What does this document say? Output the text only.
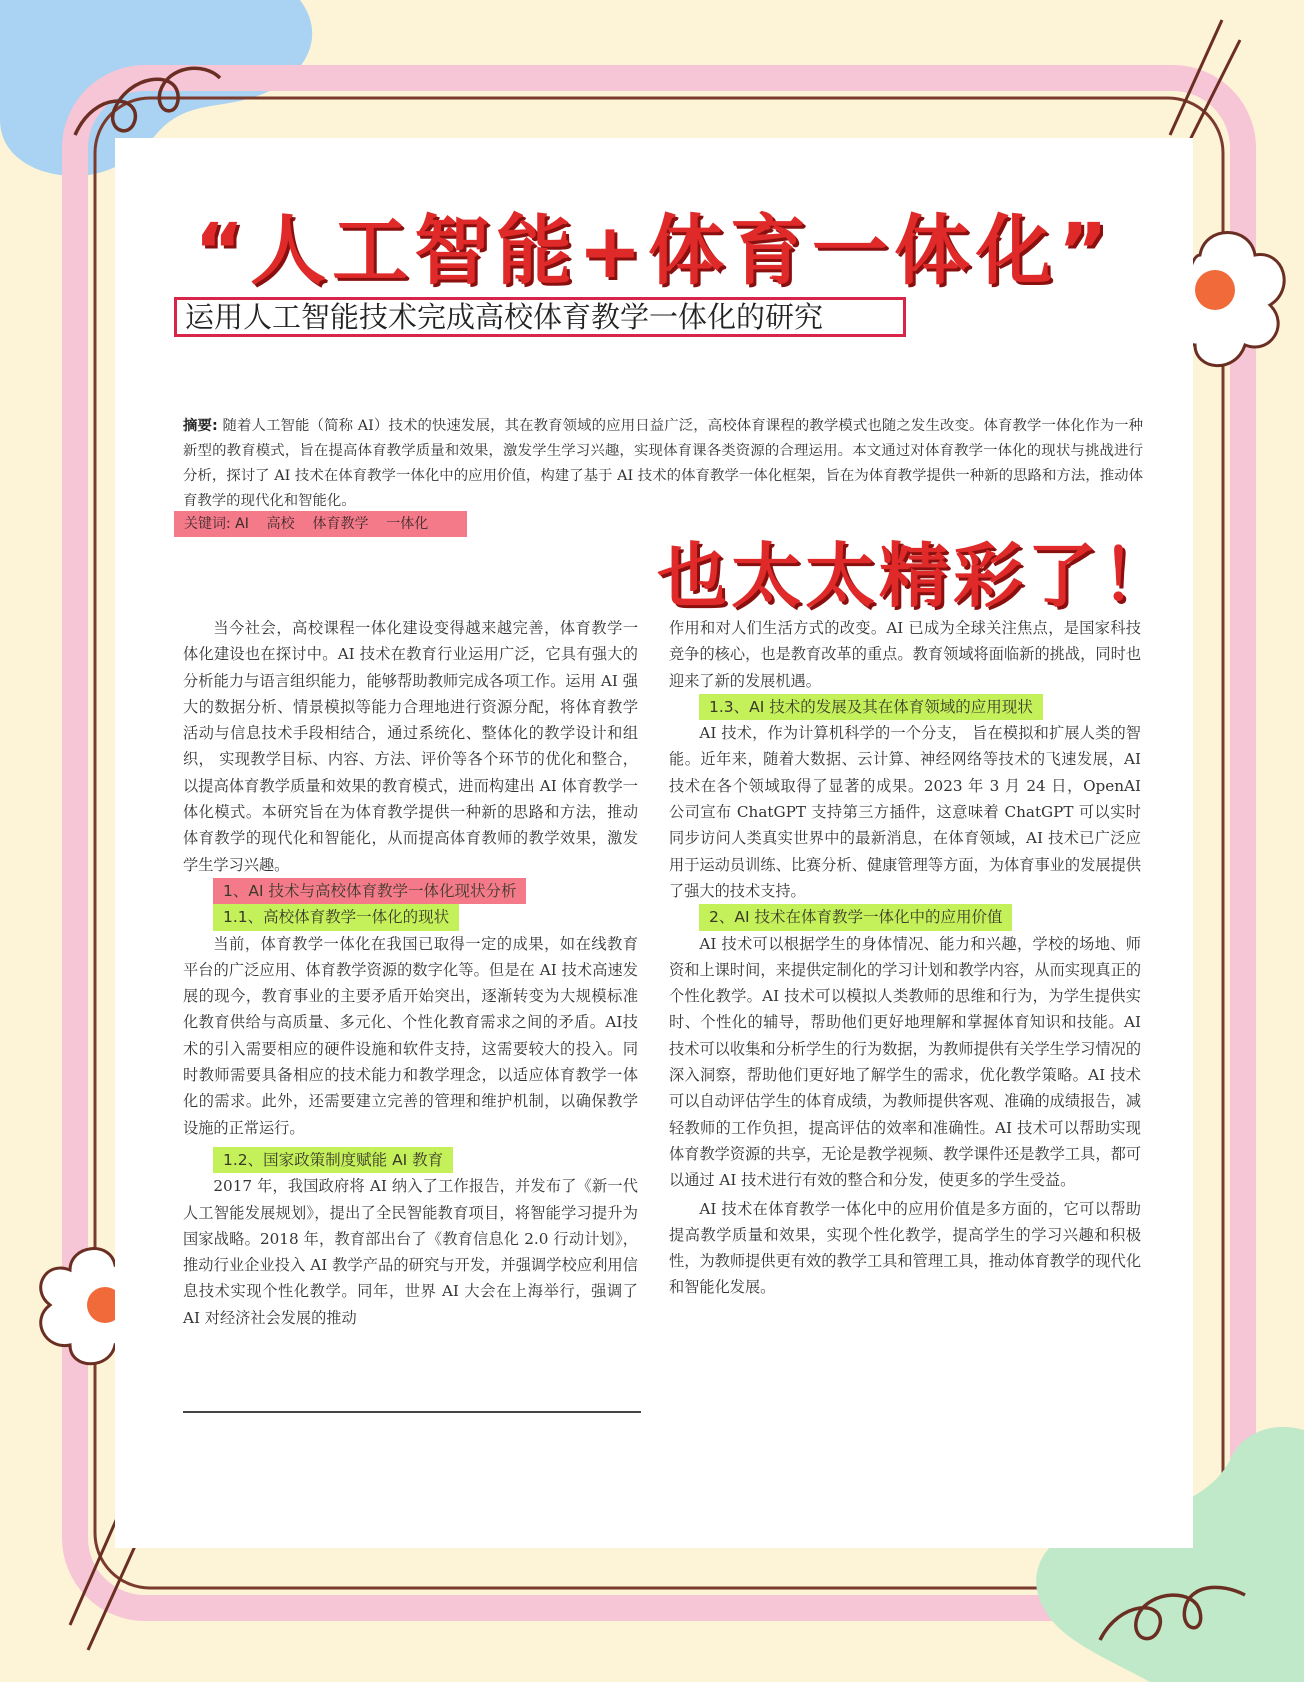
“人工智能+体育一体化”
运用人工智能技术完成高校体育教学一体化的研究
摘要: 随着人工智能（简称 AI）技术的快速发展，其在教育领域的应用日益广泛，高校体育课程的教学模式也随之发生改变。体育教学一体化作为一种新型的教育模式，旨在提高体育教学质量和效果，激发学生学习兴趣，实现体育课各类资源的合理运用。本文通过对体育教学一体化的现状与挑战进行分析，探讨了 AI 技术在体育教学一体化中的应用价值，构建了基于 AI 技术的体育教学一体化框架，旨在为体育教学提供一种新的思路和方法，推动体育教学的现代化和智能化。
关键词: AI    高校    体育教学    一体化
也太太精彩了！

当今社会，高校课程一体化建设变得越来越完善，体育教学一体化建设也在探讨中。AI 技术在教育行业运用广泛，它具有强大的分析能力与语言组织能力，能够帮助教师完成各项工作。运用 AI 强大的数据分析、情景模拟等能力合理地进行资源分配，将体育教学活动与信息技术手段相结合，通过系统化、整体化的教学设计和组织， 实现教学目标、内容、方法、评价等各个环节的优化和整合，以提高体育教学质量和效果的教育模式，进而构建出 AI 体育教学一体化模式。本研究旨在为体育教学提供一种新的思路和方法，推动体育教学的现代化和智能化，从而提高体育教师的教学效果，激发学生学习兴趣。

1、AI 技术与高校体育教学一体化现状分析
1.1、高校体育教学一体化的现状

当前，体育教学一体化在我国已取得一定的成果，如在线教育平台的广泛应用、体育教学资源的数字化等。但是在 AI 技术高速发展的现今，教育事业的主要矛盾开始突出，逐渐转变为大规模标准化教育供给与高质量、多元化、个性化教育需求之间的矛盾。AI技术的引入需要相应的硬件设施和软件支持，这需要较大的投入。同时教师需要具备相应的技术能力和教学理念，以适应体育教学一体化的需求。此外，还需要建立完善的管理和维护机制，以确保教学设施的正常运行。

1.2、国家政策制度赋能 AI 教育

2017 年，我国政府将 AI 纳入了工作报告，并发布了《新一代人工智能发展规划》，提出了全民智能教育项目，将智能学习提升为国家战略。2018 年，教育部出台了《教育信息化 2.0 行动计划》，推动行业企业投入 AI 教学产品的研究与开发，并强调学校应利用信息技术实现个性化教学。同年，世界 AI 大会在上海举行，强调了 AI 对经济社会发展的推动

作用和对人们生活方式的改变。AI 已成为全球关注焦点，是国家科技竞争的核心，也是教育改革的重点。教育领域将面临新的挑战，同时也迎来了新的发展机遇。

1.3、AI 技术的发展及其在体育领域的应用现状

AI 技术，作为计算机科学的一个分支， 旨在模拟和扩展人类的智能。近年来，随着大数据、云计算、神经网络等技术的飞速发展，AI 技术在各个领域取得了显著的成果。2023 年 3 月 24 日，OpenAI 公司宣布 ChatGPT 支持第三方插件，这意味着 ChatGPT 可以实时同步访问人类真实世界中的最新消息，在体育领域，AI 技术已广泛应用于运动员训练、比赛分析、健康管理等方面，为体育事业的发展提供了强大的技术支持。

2、AI 技术在体育教学一体化中的应用价值

AI 技术可以根据学生的身体情况、能力和兴趣，学校的场地、师资和上课时间，来提供定制化的学习计划和教学内容，从而实现真正的个性化教学。AI 技术可以模拟人类教师的思维和行为，为学生提供实时、个性化的辅导，帮助他们更好地理解和掌握体育知识和技能。AI 技术可以收集和分析学生的行为数据，为教师提供有关学生学习情况的深入洞察，帮助他们更好地了解学生的需求，优化教学策略。AI 技术可以自动评估学生的体育成绩，为教师提供客观、准确的成绩报告，减轻教师的工作负担，提高评估的效率和准确性。AI 技术可以帮助实现体育教学资源的共享，无论是教学视频、教学课件还是教学工具，都可以通过 AI 技术进行有效的整合和分发，使更多的学生受益。

AI 技术在体育教学一体化中的应用价值是多方面的，它可以帮助提高教学质量和效果，实现个性化教学，提高学生的学习兴趣和积极性，为教师提供更有效的教学工具和管理工具，推动体育教学的现代化和智能化发展。
